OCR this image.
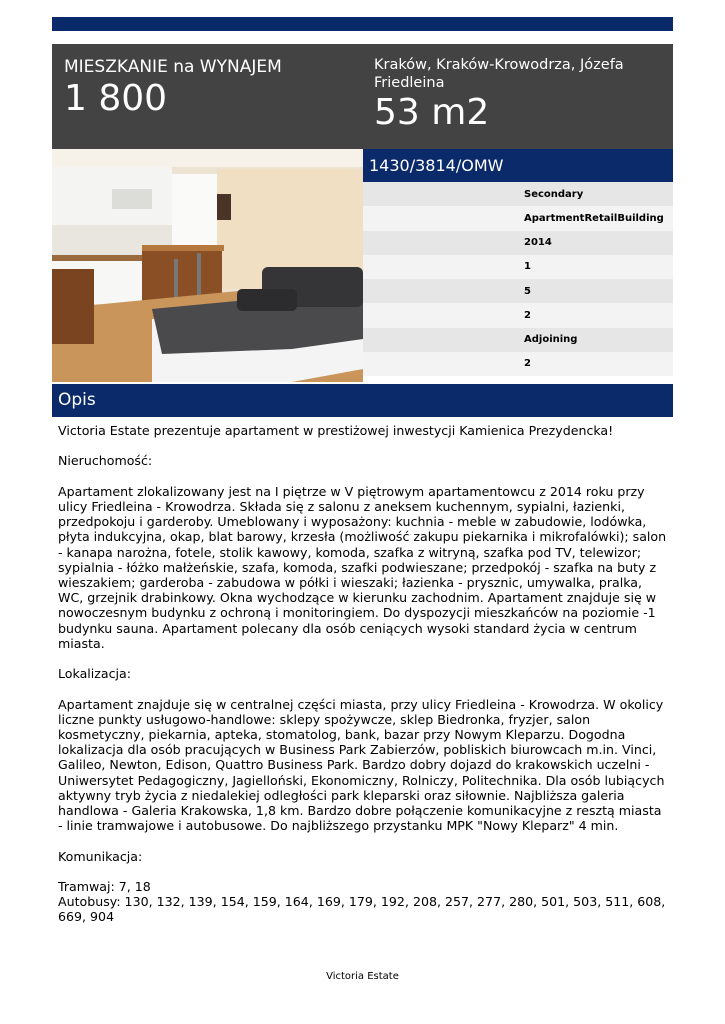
MIESZKANIE na WYNAJEM
1 800
Kraków, Kraków-Krowodrza, Józefa Friedleina
53 m2
1430/3814/OMW
Secondary
ApartmentRetailBuilding
2014
1
5
2
Adjoining
2
Opis

Victoria Estate prezentuje apartament w prestiżowej inwestycji Kamienica Prezydencka!

Nieruchomość:

Apartament zlokalizowany jest na I piętrze w V piętrowym apartamentowcu z 2014 roku przy ulicy Friedleina - Krowodrza. Składa się z salonu z aneksem kuchennym, sypialni, łazienki, przedpokoju i garderoby. Umeblowany i wyposażony: kuchnia - meble w zabudowie, lodówka, płyta indukcyjna, okap, blat barowy, krzesła (możliwość zakupu piekarnika i mikrofalówki); salon - kanapa narożna, fotele, stolik kawowy, komoda, szafka z witryną, szafka pod TV, telewizor; sypialnia - łóżko małżeńskie, szafa, komoda, szafki podwieszane; przedpokój - szafka na buty z wieszakiem; garderoba - zabudowa w półki i wieszaki; łazienka - prysznic, umywalka, pralka, WC, grzejnik drabinkowy. Okna wychodzące w kierunku zachodnim. Apartament znajduje się w nowoczesnym budynku z ochroną i monitoringiem. Do dyspozycji mieszkańców na poziomie -1 budynku sauna. Apartament polecany dla osób ceniących wysoki standard życia w centrum miasta.

Lokalizacja:

Apartament znajduje się w centralnej części miasta, przy ulicy Friedleina - Krowodrza. W okolicy liczne punkty usługowo-handlowe: sklepy spożywcze, sklep Biedronka, fryzjer, salon kosmetyczny, piekarnia, apteka, stomatolog, bank, bazar przy Nowym Kleparzu. Dogodna lokalizacja dla osób pracujących w Business Park Zabierzów, pobliskich biurowcach m.in. Vinci, Galileo, Newton, Edison, Quattro Business Park. Bardzo dobry dojazd do krakowskich uczelni - Uniwersytet Pedagogiczny, Jagielloński, Ekonomiczny, Rolniczy, Politechnika. Dla osób lubiących aktywny tryb życia z niedalekiej odległości park kleparski oraz siłownie. Najbliższa galeria handlowa - Galeria Krakowska, 1,8 km. Bardzo dobre połączenie komunikacyjne z resztą miasta - linie tramwajowe i autobusowe. Do najbliższego przystanku MPK "Nowy Kleparz" 4 min.

Komunikacja:

Tramwaj: 7, 18

Autobusy: 130, 132, 139, 154, 159, 164, 169, 179, 192, 208, 257, 277, 280, 501, 503, 511, 608, 669, 904

Victoria Estate
